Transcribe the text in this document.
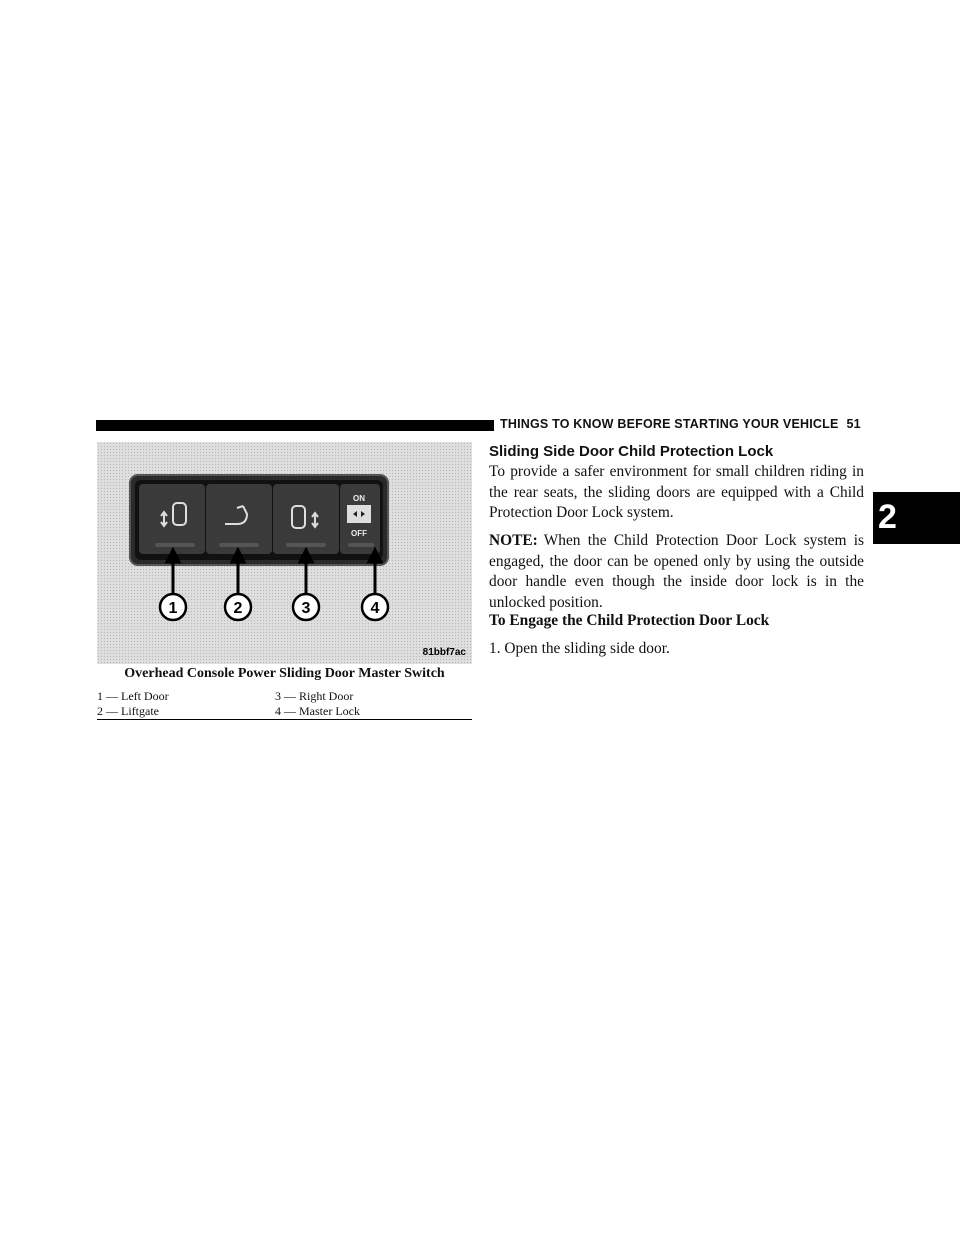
THINGS TO KNOW BEFORE STARTING YOUR VEHICLE 51
2
ON
OFF
1	2	3	4
81bbf7ac
Overhead Console Power Sliding Door Master Switch
1 — Left Door	3 — Right Door
2 — Liftgate	4 — Master Lock
Sliding Side Door Child Protection Lock

To provide a safer environment for small children riding in the rear seats, the sliding doors are equipped with a Child Protection Door Lock system.

NOTE: When the Child Protection Door Lock system is engaged, the door can be opened only by using the outside door handle even though the inside door lock is in the unlocked position.

To Engage the Child Protection Door Lock
1. Open the sliding side door.
